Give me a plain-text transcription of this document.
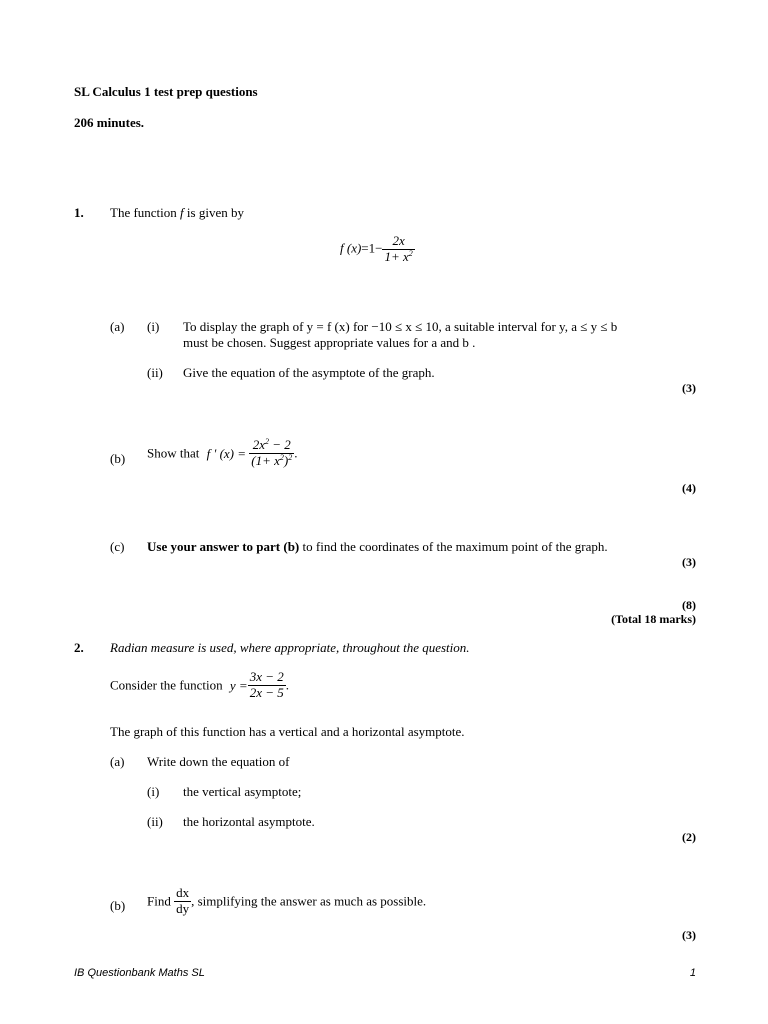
SL Calculus 1 test prep questions
206 minutes.
1. The function f is given by
f $(x)=1- \frac{2x}{1+ x^2}$
(a) (i) To display the graph of y = f (x) for −10 ≤ x ≤ 10, a suitable interval for y, a ≤ y ≤ b
must be chosen. Suggest appropriate values for a and b .
(ii) Give the equation of the asymptote of the graph.
(3)
(b) Show that f ′ $(x) = \frac{2x^2 - 2}{(1+ x^2)^2}$ .
(4)
(c) Use your answer to part (b) to find the coordinates of the maximum point of the graph.
(3)
(8)
(Total 18 marks)
2. Radian measure is used, where appropriate, throughout the question.
Consider the function $y = \frac{3x - 2}{2x - 5}$ .
The graph of this function has a vertical and a horizontal asymptote.
(a) Write down the equation of
(i) the vertical asymptote;
(ii) the horizontal asymptote.
(2)
(b) Find $\frac{dx}{dy}$ , simplifying the answer as much as possible.
(3)
IB Questionbank Maths SL	1
